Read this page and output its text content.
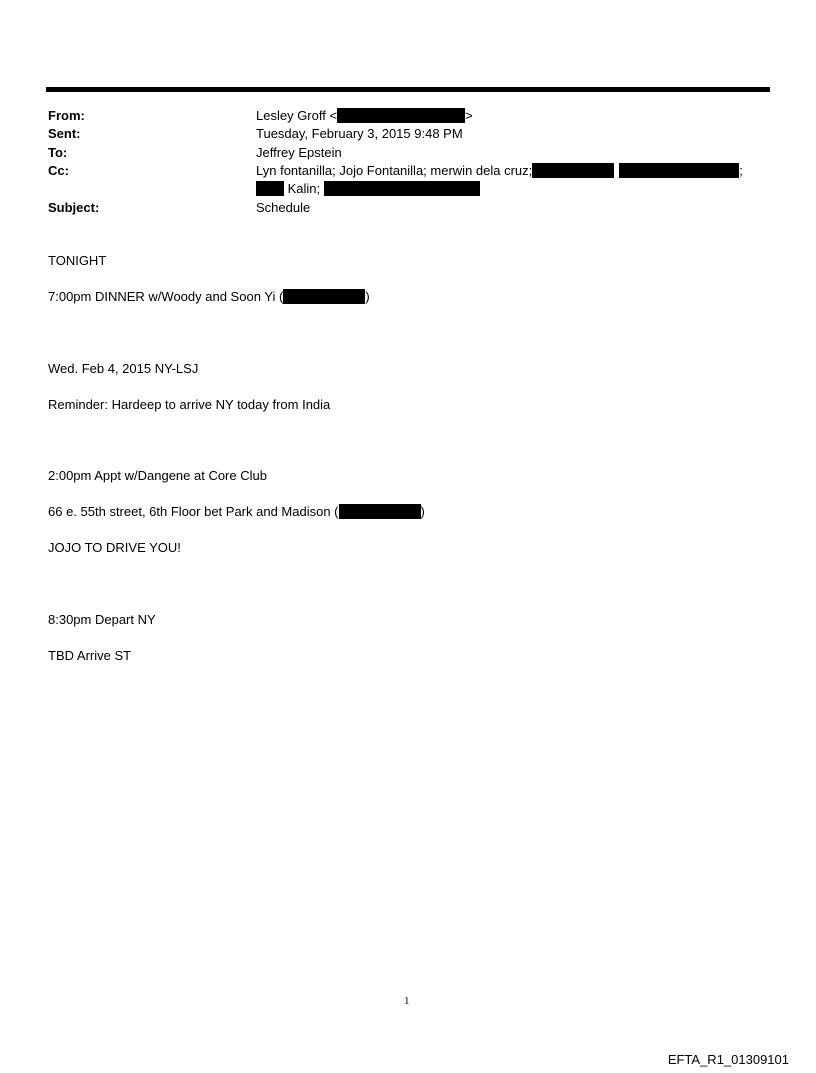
From:	Lesley Groff <	>
Sent:	Tuesday, February 3, 2015 9:48 PM
To:	Jeffrey Epstein
Cc:	Lyn fontanilla; Jojo Fontanilla; merwin dela cruz;	;
Kalin;
Subject:	Schedule
TONIGHT
7:00pm DINNER w/Woody and Soon Yi (	)
Wed. Feb 4, 2015 NY-LSJ
Reminder: Hardeep to arrive NY today from India
2:00pm Appt w/Dangene at Core Club
66 e. 55th street, 6th Floor bet Park and Madison (	)
JOJO TO DRIVE YOU!
8:30pm Depart NY
TBD Arrive ST
1
EFTA_R1_01309101
